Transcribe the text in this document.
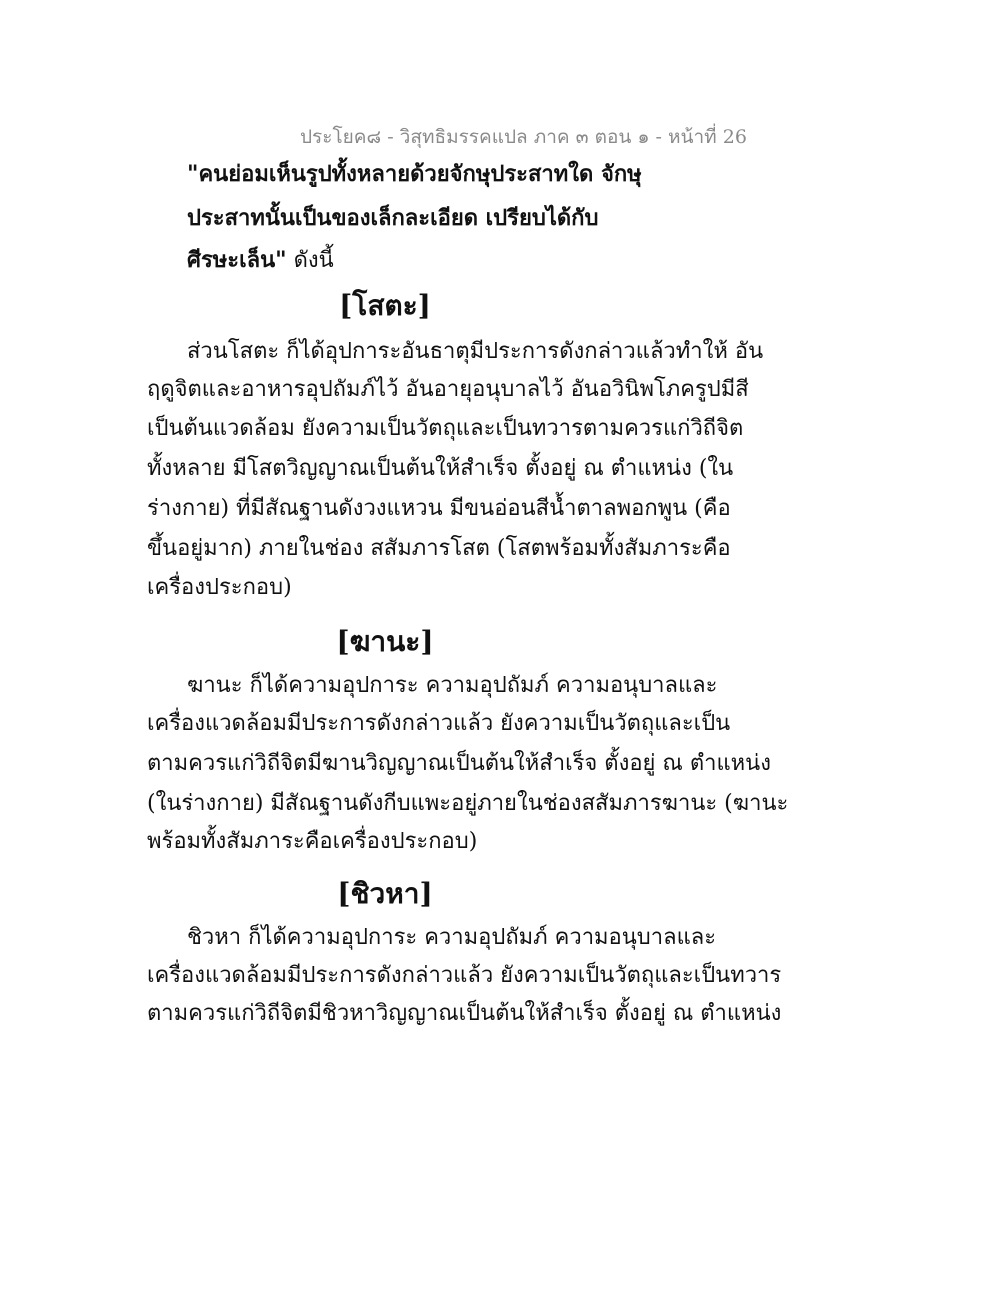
ประโยค๘ - วิสุทธิมรรคแปล ภาค ๓ ตอน ๑ - หน้าที่ 26
"คนย่อมเห็นรูปทั้งหลายด้วยจักษุประสาทใด จักษุ
ประสาทนั้นเป็นของเล็กละเอียด เปรียบได้กับ
ศีรษะเล็น" ดังนี้
[โสตะ]
ส่วนโสตะ ก็ได้อุปการะอันธาตุมีประการดังกล่าวแล้วทำให้ อัน
ฤดูจิตและอาหารอุปถัมภ์ไว้ อันอายุอนุบาลไว้ อันอวินิพโภครูปมีสี
เป็นต้นแวดล้อม ยังความเป็นวัตถุและเป็นทวารตามควรแก่วิถีจิต
ทั้งหลาย มีโสตวิญญาณเป็นต้นให้สำเร็จ ตั้งอยู่ ณ ตำแหน่ง (ใน
ร่างกาย) ที่มีสัณฐานดังวงแหวน มีขนอ่อนสีน้ำตาลพอกพูน (คือ
ขึ้นอยู่มาก) ภายในช่อง สสัมภารโสต (โสตพร้อมทั้งสัมภาระคือ
เครื่องประกอบ)
[ฆานะ]
ฆานะ ก็ได้ความอุปการะ ความอุปถัมภ์ ความอนุบาลและ
เครื่องแวดล้อมมีประการดังกล่าวแล้ว ยังความเป็นวัตถุและเป็น
ตามควรแก่วิถีจิตมีฆานวิญญาณเป็นต้นให้สำเร็จ ตั้งอยู่ ณ ตำแหน่ง
(ในร่างกาย) มีสัณฐานดังกีบแพะอยู่ภายในช่องสสัมภารฆานะ (ฆานะ
พร้อมทั้งสัมภาระคือเครื่องประกอบ)
[ชิวหา]
ชิวหา ก็ได้ความอุปการะ ความอุปถัมภ์ ความอนุบาลและ
เครื่องแวดล้อมมีประการดังกล่าวแล้ว ยังความเป็นวัตถุและเป็นทวาร
ตามควรแก่วิถีจิตมีชิวหาวิญญาณเป็นต้นให้สำเร็จ ตั้งอยู่ ณ ตำแหน่ง
